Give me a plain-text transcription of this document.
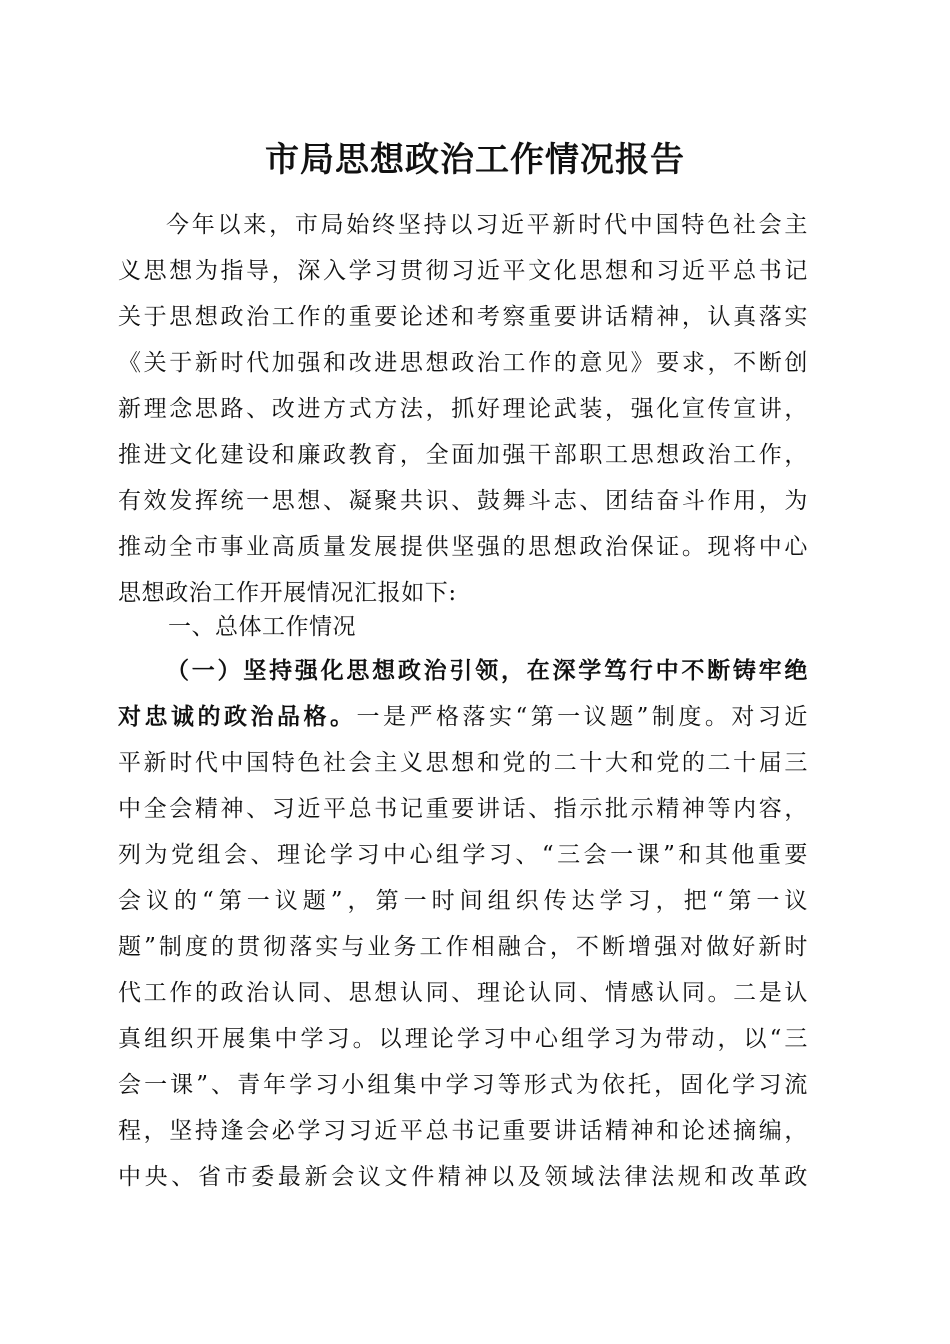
市局思想政治工作情况报告
今年以来，市局始终坚持以习近平新时代中国特色社会主
义思想为指导，深入学习贯彻习近平文化思想和习近平总书记
关于思想政治工作的重要论述和考察重要讲话精神，认真落实
《关于新时代加强和改进思想政治工作的意见》要求，不断创
新理念思路、改进方式方法，抓好理论武装，强化宣传宣讲，
推进文化建设和廉政教育，全面加强干部职工思想政治工作，
有效发挥统一思想、凝聚共识、鼓舞斗志、团结奋斗作用，为
推动全市事业高质量发展提供坚强的思想政治保证。现将中心
思想政治工作开展情况汇报如下:
一、总体工作情况
（一）坚持强化思想政治引领，在深学笃行中不断铸牢绝
对忠诚的政治品格。一是严格落实“第一议题”制度。对习近
平新时代中国特色社会主义思想和党的二十大和党的二十届三
中全会精神、习近平总书记重要讲话、指示批示精神等内容，
列为党组会、理论学习中心组学习、“三会一课”和其他重要
会议的“第一议题”，第一时间组织传达学习，把“第一议
题”制度的贯彻落实与业务工作相融合，不断增强对做好新时
代工作的政治认同、思想认同、理论认同、情感认同。二是认
真组织开展集中学习。以理论学习中心组学习为带动，以“三
会一课”、青年学习小组集中学习等形式为依托，固化学习流
程，坚持逢会必学习习近平总书记重要讲话精神和论述摘编，
中央、省市委最新会议文件精神以及领域法律法规和改革政
